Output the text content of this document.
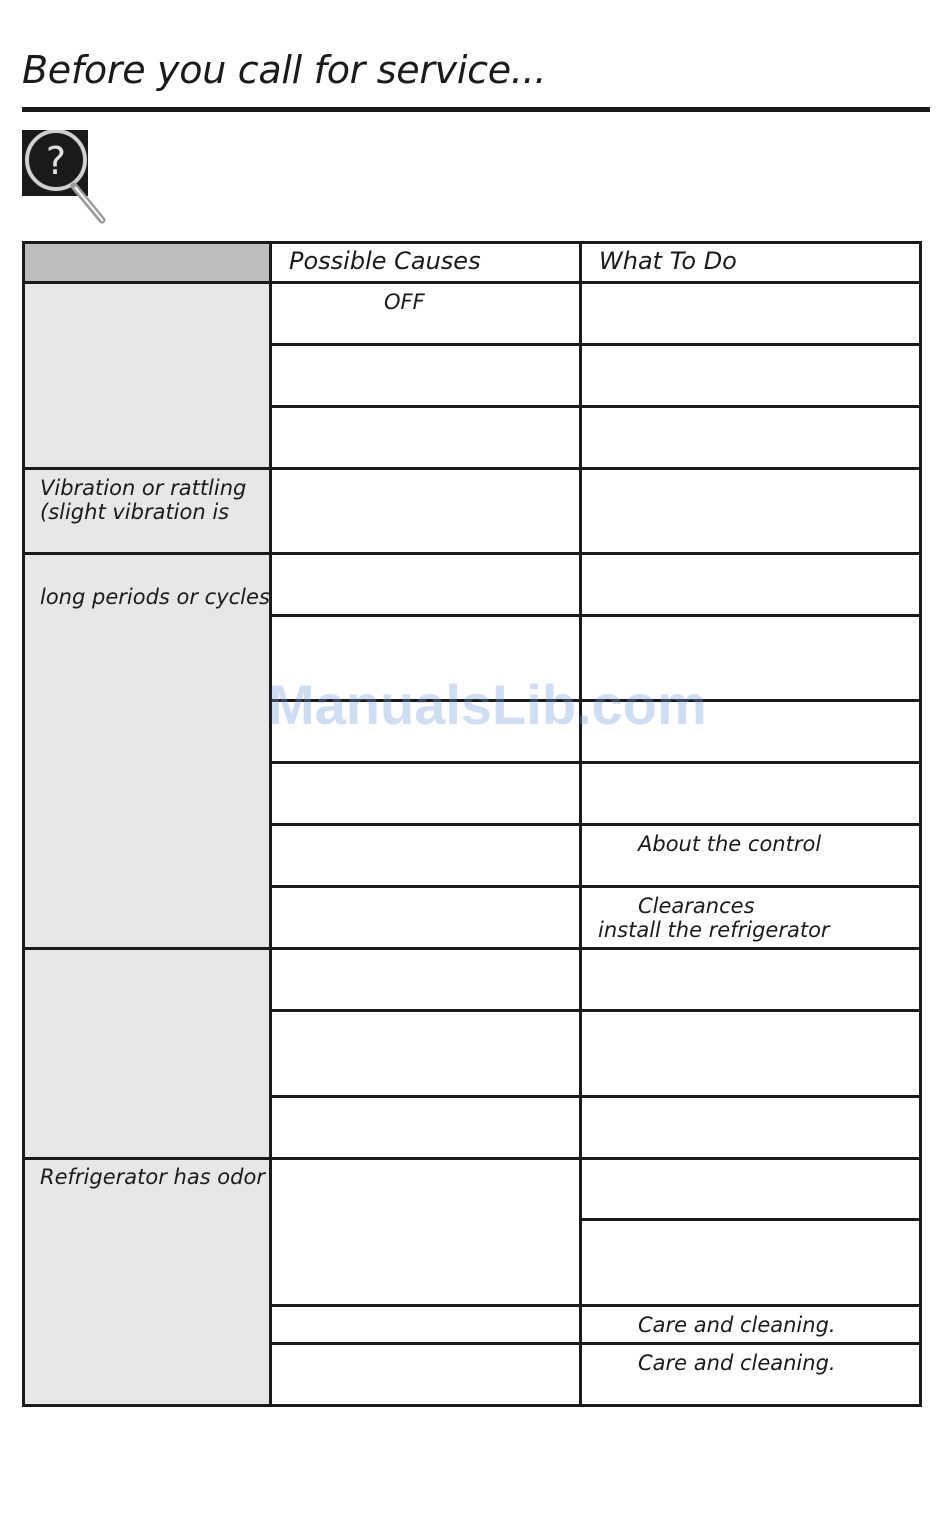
Before you call for service...
?
Possible Causes	What To Do
OFF
Vibration or rattling
(slight vibration is
long periods or cycles
About the control
Clearances
install the refrigerator
Refrigerator has odor
Care and cleaning.
Care and cleaning.
ManualsLib.com
